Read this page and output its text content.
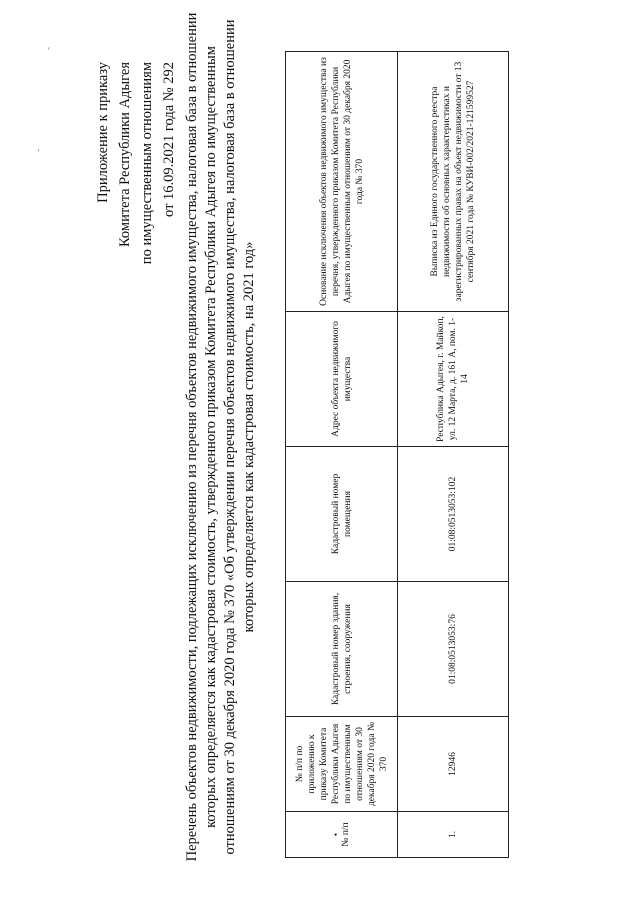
'
'	Приложение к приказу Комитета Республики Адыгея по имущественным отношениям от 16.09.2021 года № 292 Перечень объектов недвижимости, подлежащих исключению из перечня объектов недвижимого имущества, налоговая база в отношении которых определяется как кадастровая стоимость, утвержденного приказом Комитета Республики Адыгея по имущественным отношениям от 30 декабря 2020 года № 370 «Об утверждении перечня объектов недвижимого имущества, налоговая база в отношении которых определяется как кадастровая стоимость, на 2021 год»
• № п/п	№ п/п по приложению к приказу Комитета Республики Адыгея по имущественным отношениям от 30 декабря 2020 года № 370	Кадастровый номер здания, строения, сооружения	Кадастровый номер помещения	Адрес объекта недвижимого имущества	Основание исключения объектов недвижимого имущества из перечня, утвержденного приказом Комитета Республики Адыгея по имущественным отношениям от 30 декабря 2020 года № 370
1.	12946	01:08:0513053:76	01:08:0513053:102	Республика Адыгея, г. Майкоп, ул. 12 Марта, д. 161 А, пом. 1-14	Выписка из Единого государственного реестра недвижимости об основных характеристиках и зарегистрированных правах на объект недвижимости от 13 сентября 2021 года № КУВИ-002/2021-121599527
